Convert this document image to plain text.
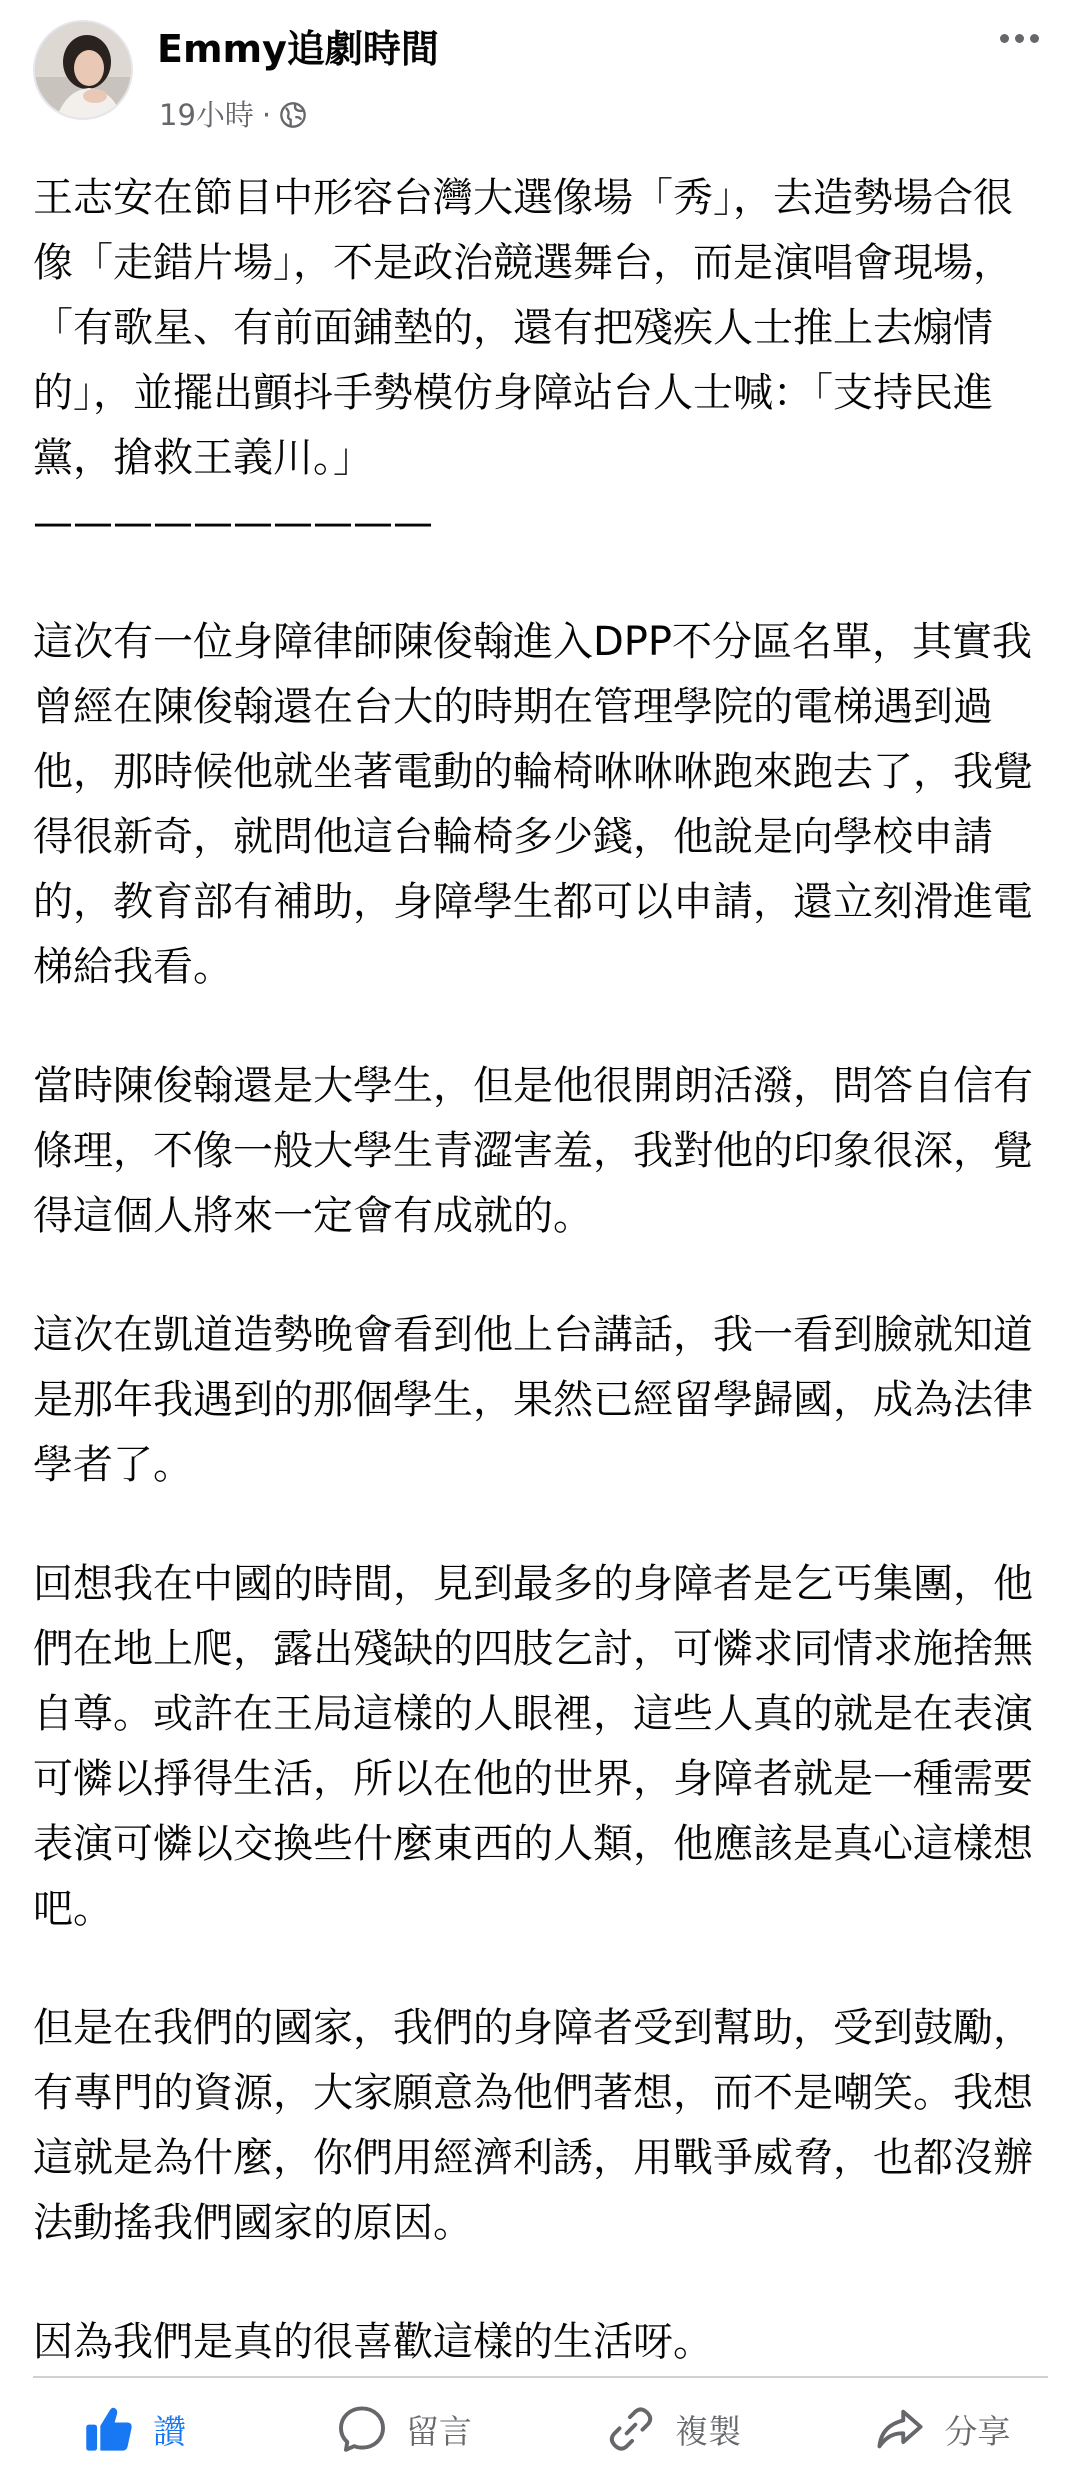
Emmy追劇時間
19小時 ·

王志安在節目中形容台灣大選像場「秀」，去造勢場合很像「走錯片場」，不是政治競選舞台，而是演唱會現場，「有歌星、有前面鋪墊的，還有把殘疾人士推上去煽情的」，並擺出顫抖手勢模仿身障站台人士喊：「支持民進黨，搶救王義川。」
——————————

這次有一位身障律師陳俊翰進入DPP不分區名單，其實我曾經在陳俊翰還在台大的時期在管理學院的電梯遇到過他，那時候他就坐著電動的輪椅咻咻咻跑來跑去了，我覺得很新奇，就問他這台輪椅多少錢，他說是向學校申請的，教育部有補助，身障學生都可以申請，還立刻滑進電梯給我看。

當時陳俊翰還是大學生，但是他很開朗活潑，問答自信有條理，不像一般大學生青澀害羞，我對他的印象很深，覺得這個人將來一定會有成就的。

這次在凱道造勢晚會看到他上台講話，我一看到臉就知道是那年我遇到的那個學生，果然已經留學歸國，成為法律學者了。

回想我在中國的時間，見到最多的身障者是乞丐集團，他們在地上爬，露出殘缺的四肢乞討，可憐求同情求施捨無自尊。或許在王局這樣的人眼裡，這些人真的就是在表演可憐以掙得生活，所以在他的世界，身障者就是一種需要表演可憐以交換些什麼東西的人類，他應該是真心這樣想吧。

但是在我們的國家，我們的身障者受到幫助，受到鼓勵，有專門的資源，大家願意為他們著想，而不是嘲笑。我想這就是為什麼，你們用經濟利誘，用戰爭威脅，也都沒辦法動搖我們國家的原因。

因為我們是真的很喜歡這樣的生活呀。

讚	留言	複製	分享
